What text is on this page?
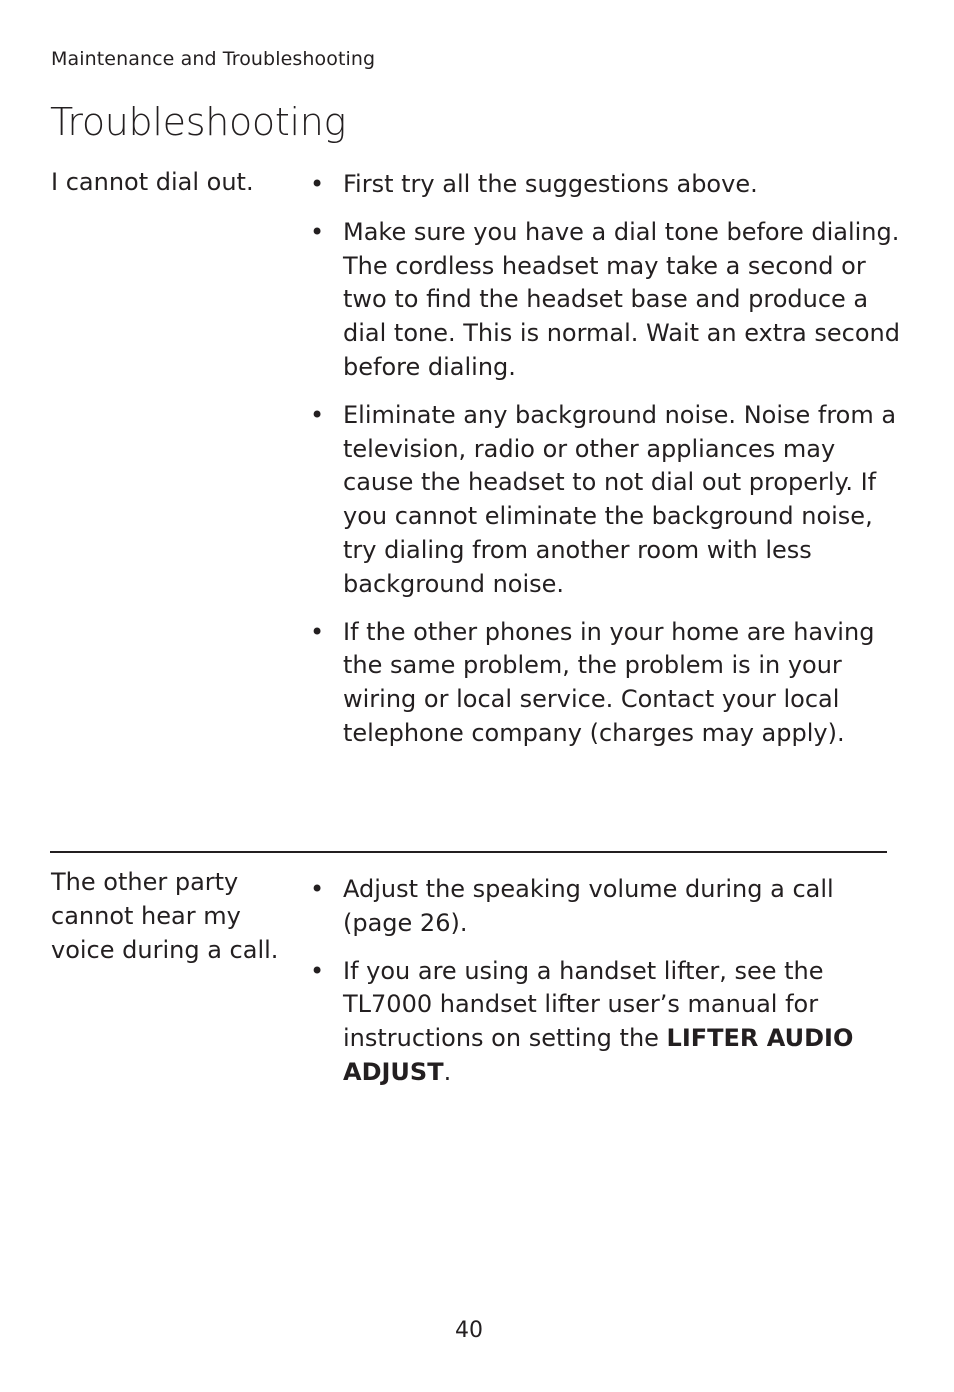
Maintenance and Troubleshooting
Troubleshooting
I cannot dial out.	• First try all the suggestions above.
• Make sure you have a dial tone before dialing. The cordless headset may take a second or two to find the headset base and produce a dial tone. This is normal. Wait an extra second before dialing.
• Eliminate any background noise. Noise from a television, radio or other appliances may cause the headset to not dial out properly. If you cannot eliminate the background noise, try dialing from another room with less background noise.
• If the other phones in your home are having the same problem, the problem is in your wiring or local service. Contact your local telephone company (charges may apply).
The other party cannot hear my voice during a call.
• Adjust the speaking volume during a call (page 26).
• If you are using a handset lifter, see the TL7000 handset lifter user’s manual for instructions on setting the LIFTER AUDIO ADJUST.
40
